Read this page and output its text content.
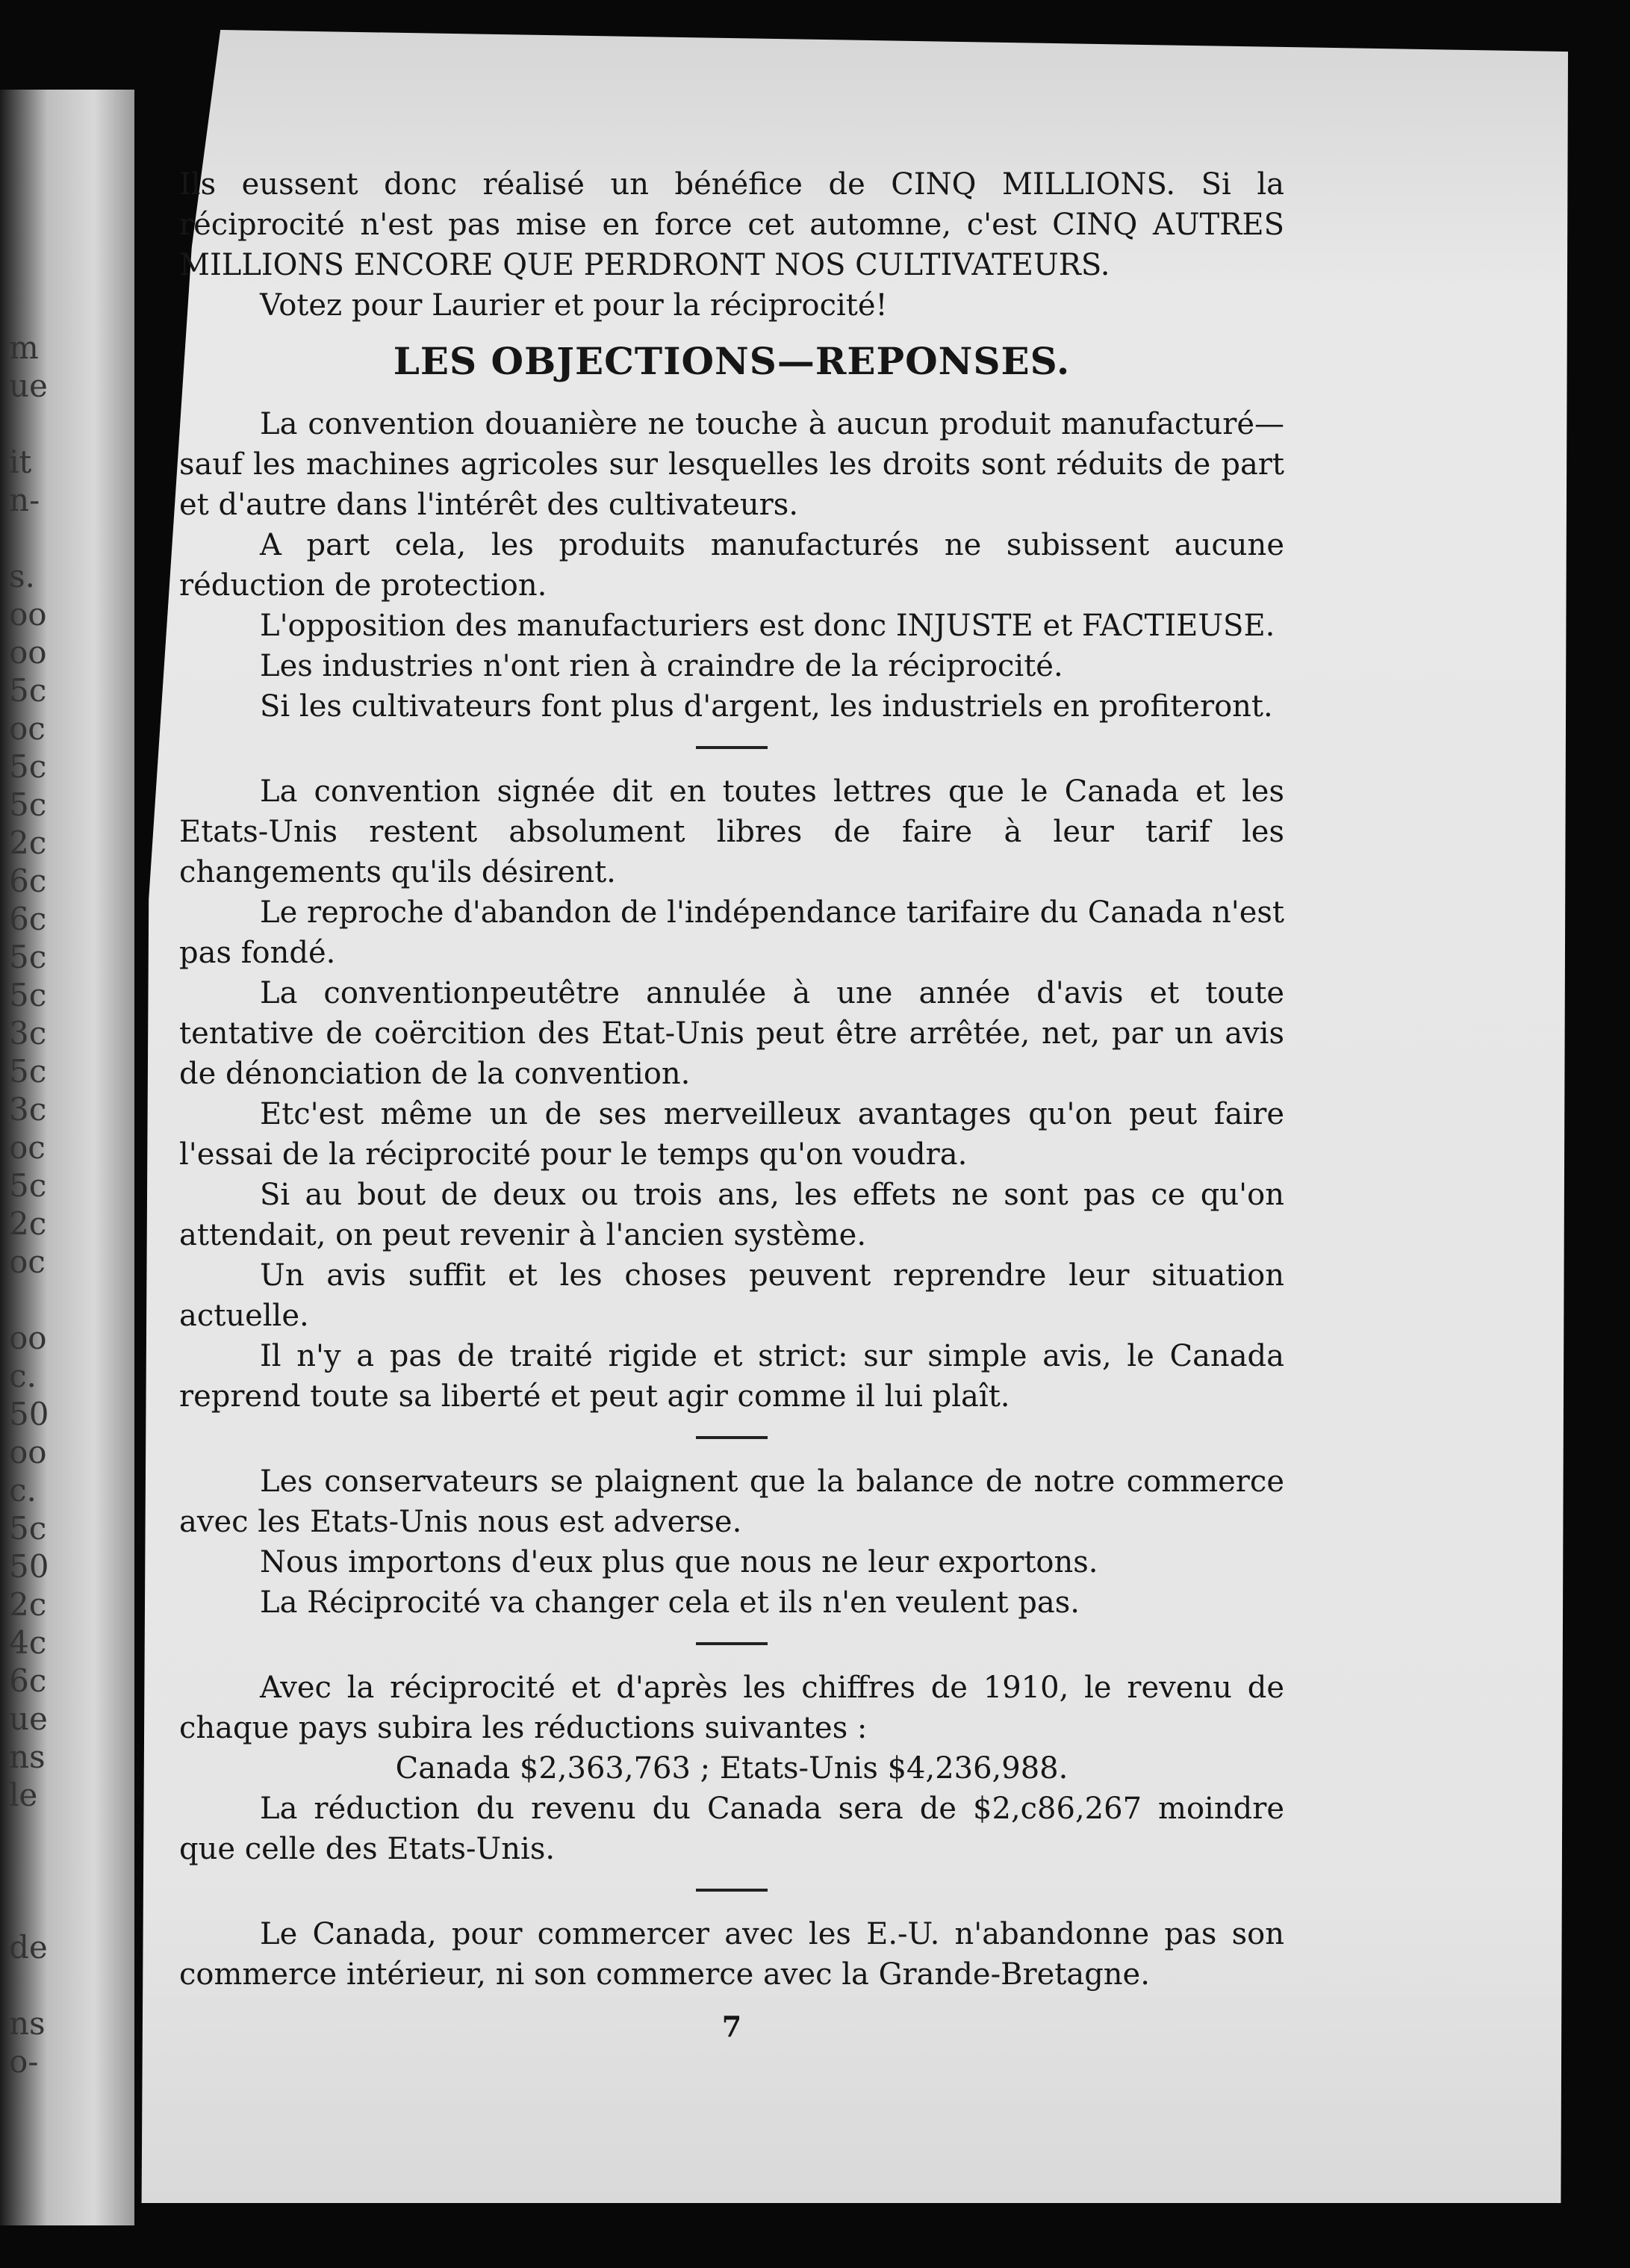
m
ue

it
n-

s.
oo
oo
5c
oc
5c
5c
2c
6c
6c
5c
5c
3c
5c
3c
oc
5c
2c
oc

oo
c.
50
oo
c.
5c
50
2c
4c
6c
ue
ns
le

de

ns
o-

Ils eussent donc réalisé un bénéfice de CINQ MILLIONS. Si la réciprocité n'est pas mise en force cet automne, c'est CINQ AUTRES MILLIONS ENCORE QUE PERDRONT NOS CULTIVATEURS.

Votez pour Laurier et pour la réciprocité!

LES OBJECTIONS—REPONSES.

La convention douanière ne touche à aucun produit manufacturé—sauf les machines agricoles sur lesquelles les droits sont réduits de part et d'autre dans l'intérêt des cultivateurs.

A part cela, les produits manufacturés ne subissent aucune réduction de protection.

L'opposition des manufacturiers est donc INJUSTE et FACTIEUSE.

Les industries n'ont rien à craindre de la réciprocité.

Si les cultivateurs font plus d'argent, les industriels en profiteront.

La convention signée dit en toutes lettres que le Canada et les Etats-Unis restent absolument libres de faire à leur tarif les changements qu'ils désirent.

Le reproche d'abandon de l'indépendance tarifaire du Canada n'est pas fondé.

La conventionpeutêtre annulée à une année d'avis et toute tentative de coërcition des Etat-Unis peut être arrêtée, net, par un avis de dénonciation de la convention.

Etc'est même un de ses merveilleux avantages qu'on peut faire l'essai de la réciprocité pour le temps qu'on voudra.

Si au bout de deux ou trois ans, les effets ne sont pas ce qu'on attendait, on peut revenir à l'ancien système.

Un avis suffit et les choses peuvent reprendre leur situation actuelle.

Il n'y a pas de traité rigide et strict: sur simple avis, le Canada reprend toute sa liberté et peut agir comme il lui plaît.

Les conservateurs se plaignent que la balance de notre commerce avec les Etats-Unis nous est adverse.

Nous importons d'eux plus que nous ne leur exportons.

La Réciprocité va changer cela et ils n'en veulent pas.

Avec la réciprocité et d'après les chiffres de 1910, le revenu de chaque pays subira les réductions suivantes :

Canada $2,363,763 ; Etats-Unis $4,236,988.

La réduction du revenu du Canada sera de $2,c86,267 moindre que celle des Etats-Unis.

Le Canada, pour commercer avec les E.-U. n'abandonne pas son commerce intérieur, ni son commerce avec la Grande-Bretagne.

7
